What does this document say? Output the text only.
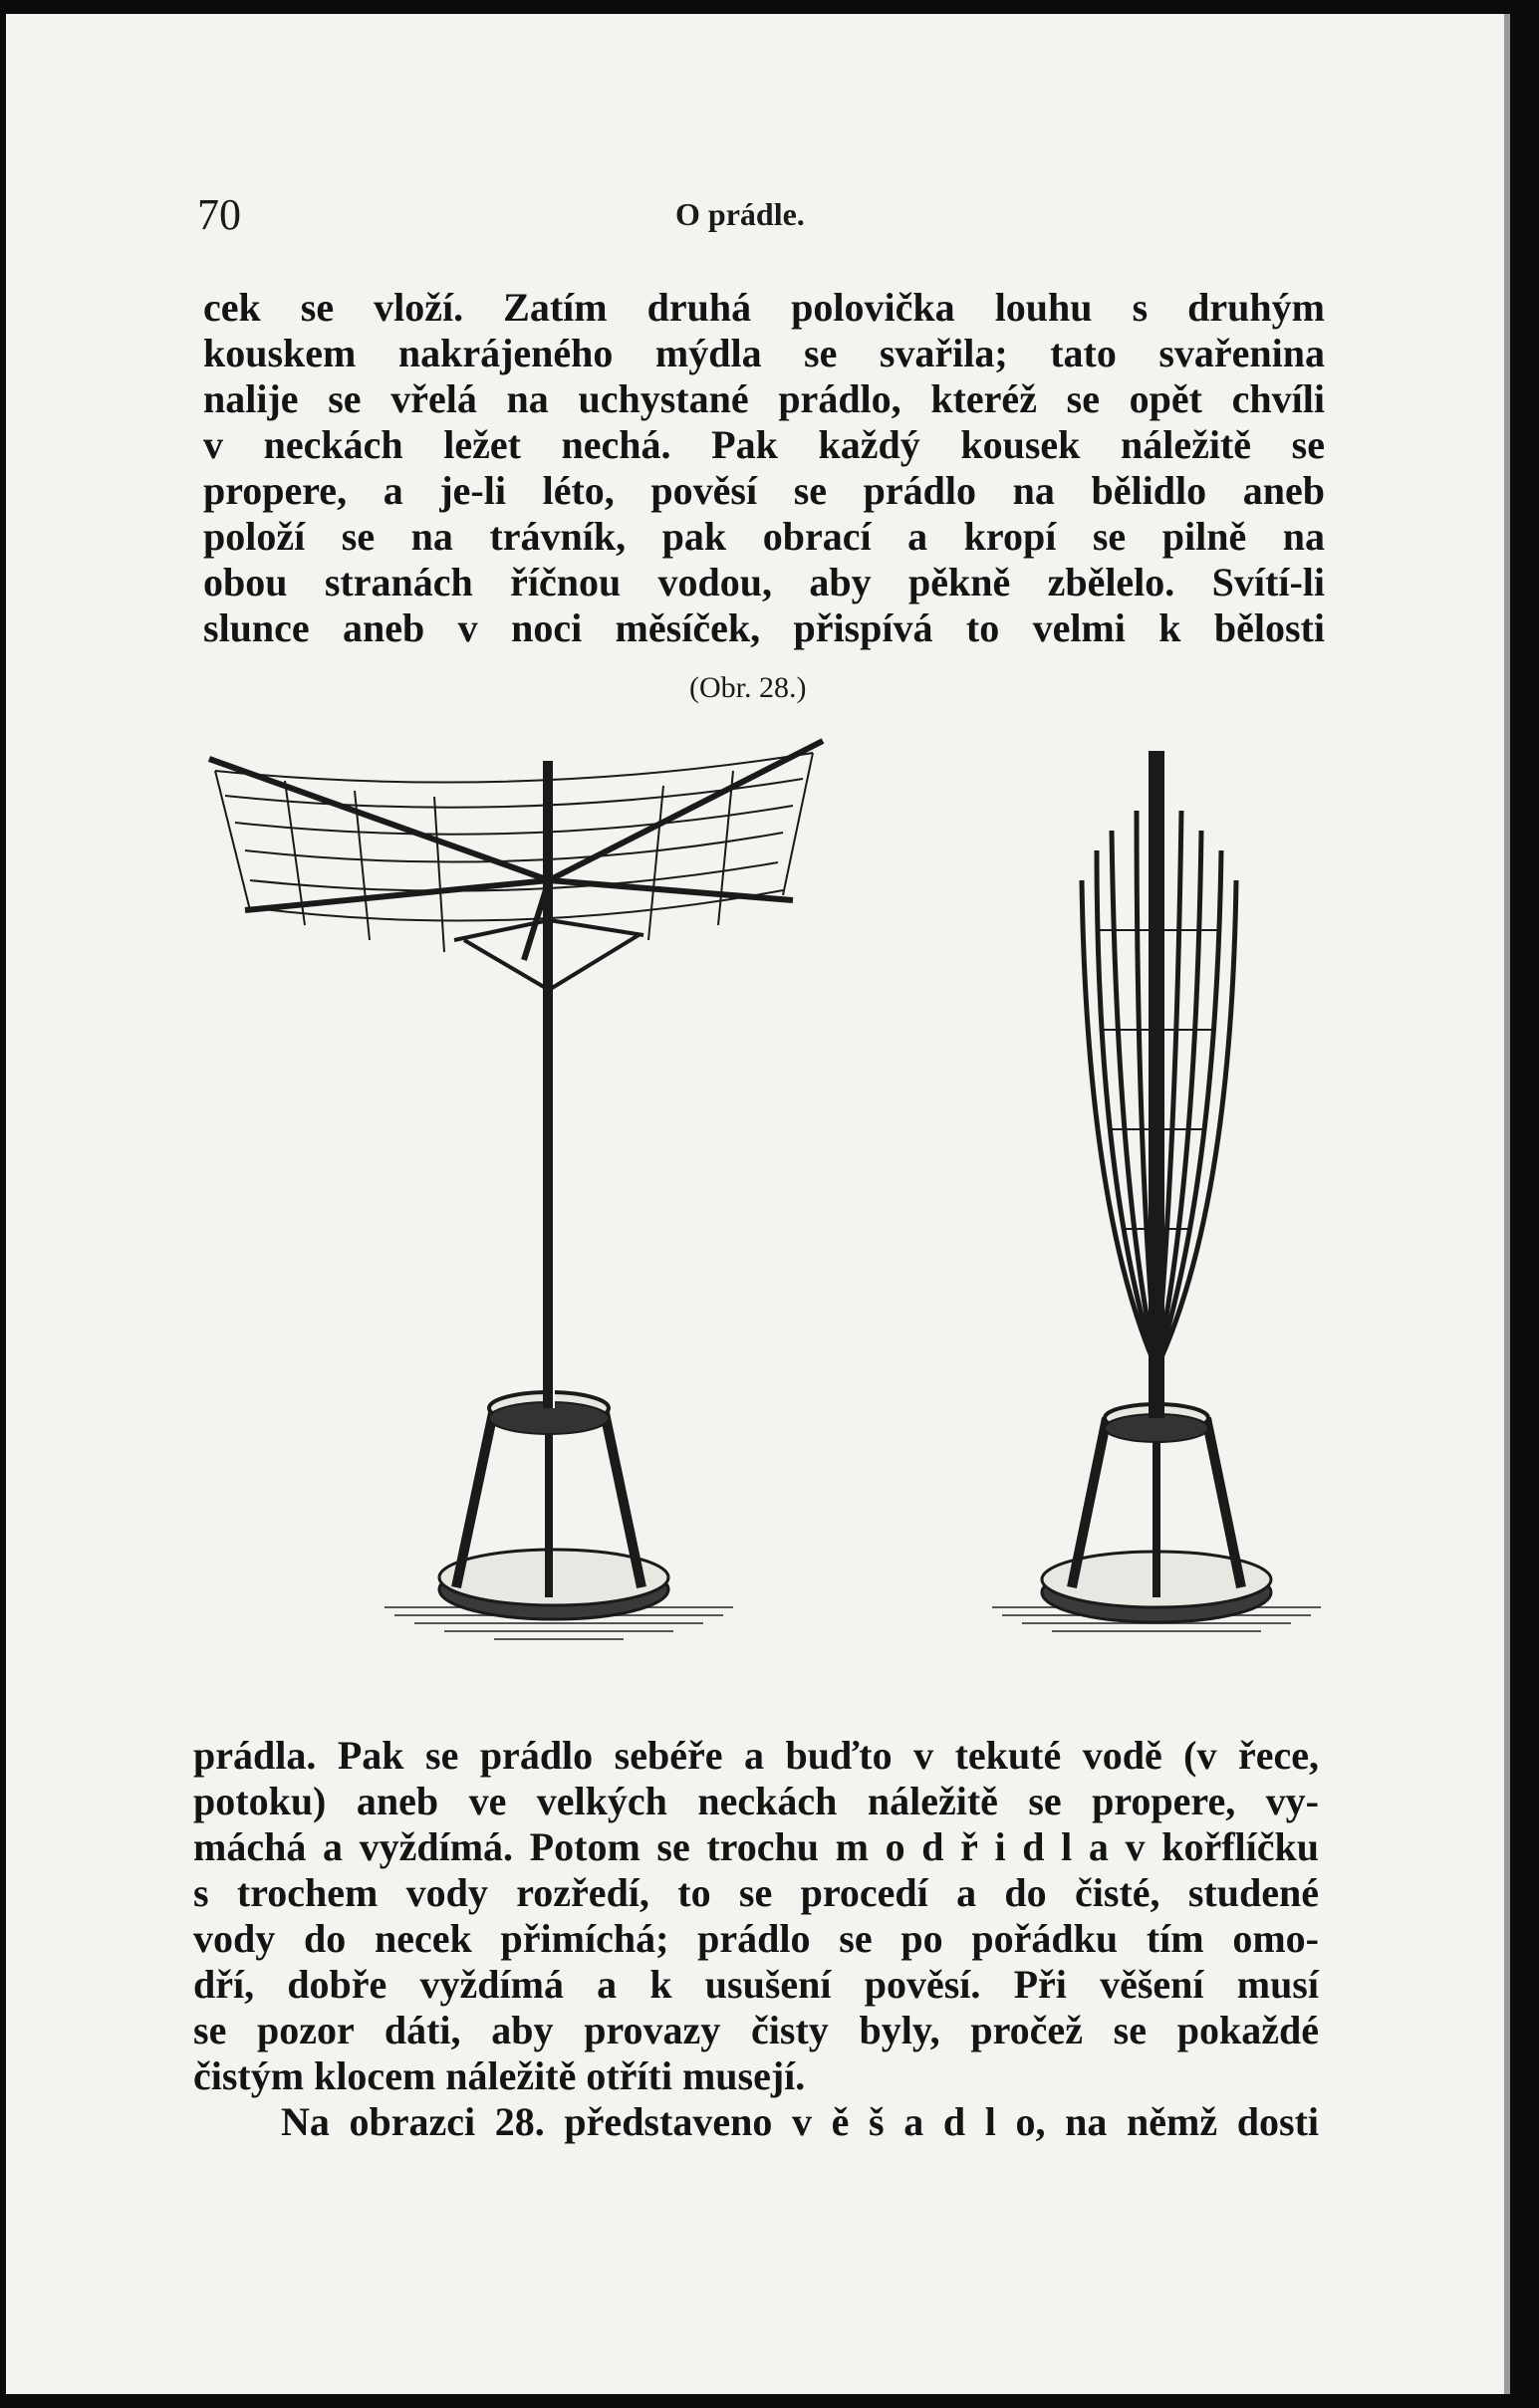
70	O prádle.
cek se vloží. Zatím druhá polovička louhu s druhým
kouskem nakrájeného mýdla se svařila; tato svařenina
nalije se vřelá na uchystané prádlo, kteréž se opět chvíli
v neckách ležet nechá. Pak každý kousek náležitě se
propere, a je-li léto, pověsí se prádlo na bělidlo aneb
položí se na trávník, pak obrací a kropí se pilně na
obou stranách říčnou vodou, aby pěkně zbělelo. Svítí-li
slunce aneb v noci měsíček, přispívá to velmi k bělosti
(Obr. 28.)
prádla. Pak se prádlo sebéře a buďto v tekuté vodě (v řece,
potoku) aneb ve velkých neckách náležitě se propere, vy-
máchá a vyždímá. Potom se trochu m o d ř i d l a v kořflíčku
s trochem vody rozředí, to se procedí a do čisté, studené
vody do necek přimíchá; prádlo se po pořádku tím omo-
dří, dobře vyždímá a k usušení pověsí. Při věšení musí
se pozor dáti, aby provazy čisty byly, pročež se pokaždé
čistým klocem náležitě otříti musejí.
Na obrazci 28. představeno v ě š a d l o, na němž dosti
